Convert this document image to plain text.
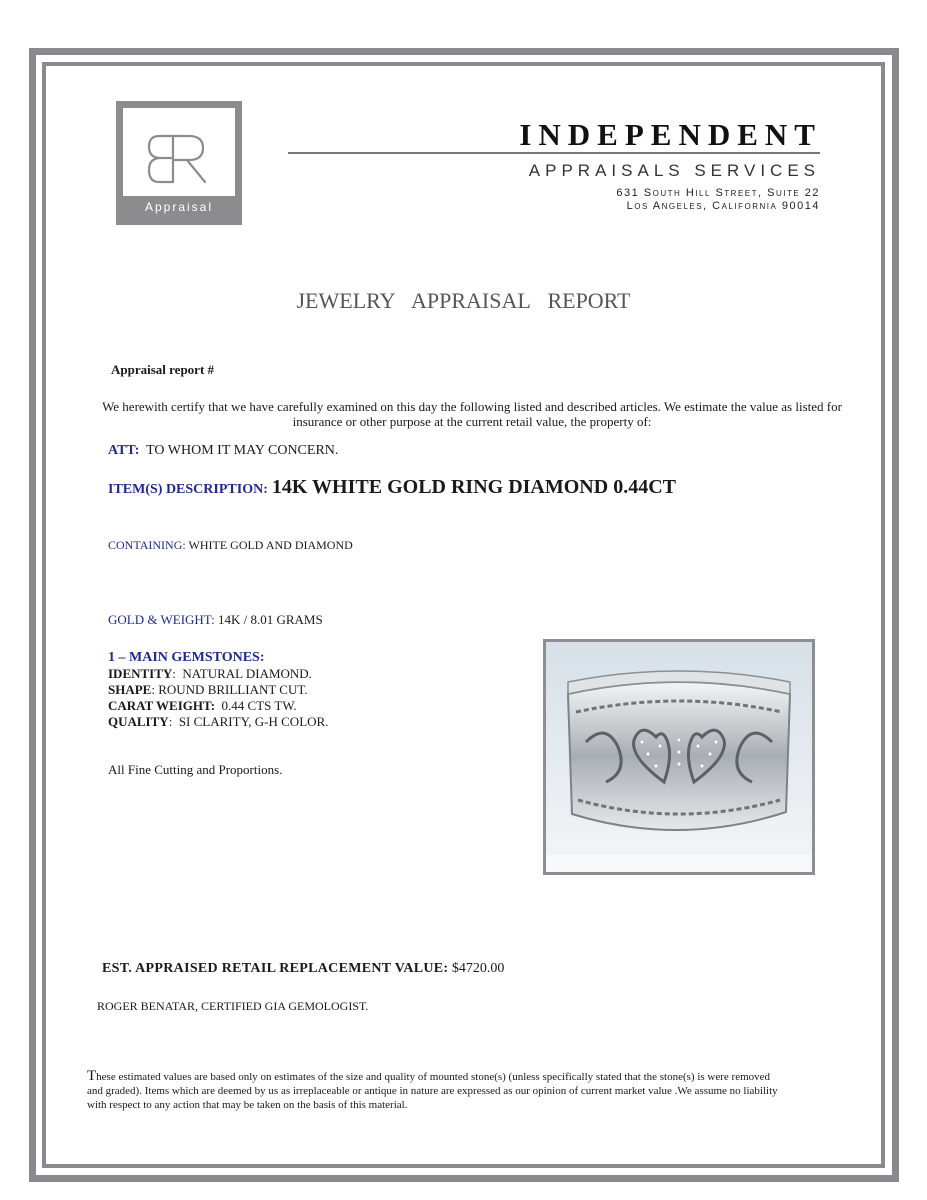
Appraisal
INDEPENDENT
APPRAISALS SERVICES
631 South Hill Street, Suite 22
Los Angeles, California 90014
JEWELRY APPRAISAL REPORT
Appraisal report #
We herewith certify that we have carefully examined on this day the following listed and described articles. We estimate the value as listed for insurance or other purpose at the current retail value, the property of:
ATT: TO WHOM IT MAY CONCERN.
ITEM(S) DESCRIPTION: 14K WHITE GOLD RING DIAMOND 0.44CT
CONTAINING: WHITE GOLD AND DIAMOND
GOLD & WEIGHT: 14K / 8.01 GRAMS
1 – MAIN GEMSTONES:
IDENTITY:  NATURAL DIAMOND.
SHAPE: ROUND BRILLIANT CUT.
CARAT WEIGHT: 0.44 CTS TW.
QUALITY:  SI CLARITY, G-H COLOR.
All Fine Cutting and Proportions.
EST. APPRAISED RETAIL REPLACEMENT VALUE: $4720.00
ROGER BENATAR, CERTIFIED GIA GEMOLOGIST.
These estimated values are based only on estimates of the size and quality of mounted stone(s) (unless specifically stated that the stone(s) is were removed and graded). Items which are deemed by us as irreplaceable or antique in nature are expressed as our opinion of current market value .We assume no liability with respect to any action that may be taken on the basis of this material.
